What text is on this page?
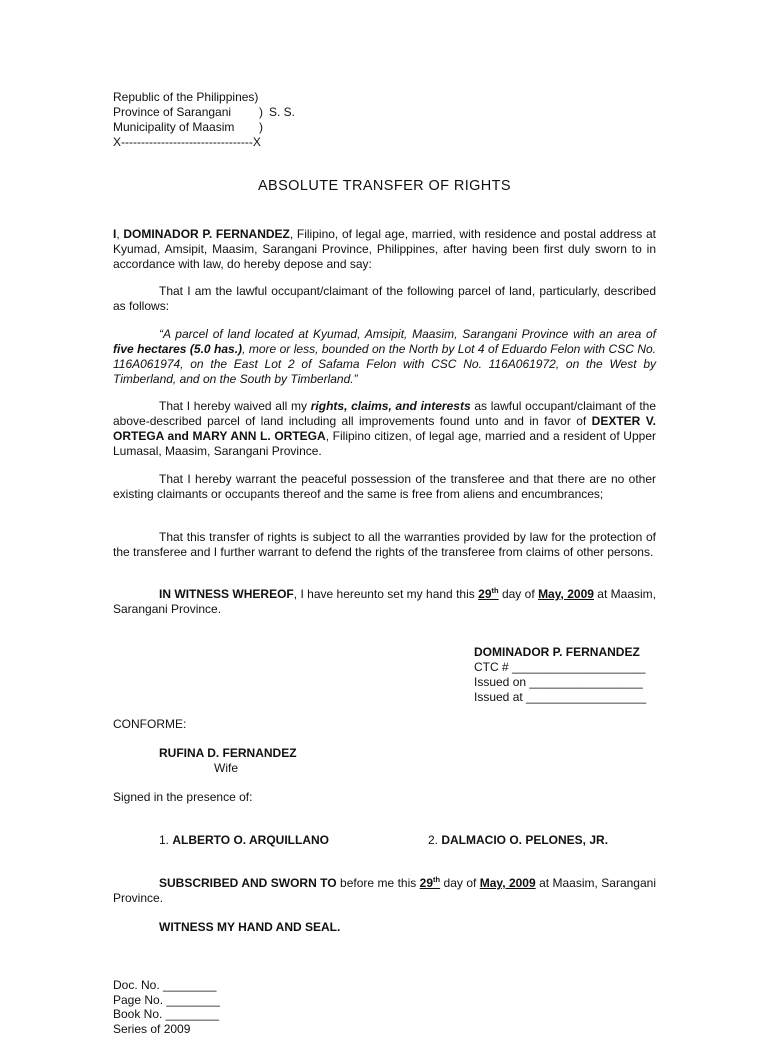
Republic of the Philippines)
Province of Sarangani	) S. S.
Municipality of Maasim	)
X---------------------------------X
ABSOLUTE TRANSFER OF RIGHTS
I, DOMINADOR P. FERNANDEZ, Filipino, of legal age, married, with residence and postal address at Kyumad, Amsipit, Maasim, Sarangani Province, Philippines, after having been first duly sworn to in accordance with law, do hereby depose and say:
That I am the lawful occupant/claimant of the following parcel of land, particularly, described as follows:
“A parcel of land located at Kyumad, Amsipit, Maasim, Sarangani Province with an area of five hectares (5.0 has.), more or less, bounded on the North by Lot 4 of Eduardo Felon with CSC No. 116A061974, on the East Lot 2 of Safama Felon with CSC No. 116A061972, on the West by Timberland, and on the South by Timberland.”
That I hereby waived all my rights, claims, and interests as lawful occupant/claimant of the above-described parcel of land including all improvements found unto and in favor of DEXTER V. ORTEGA and MARY ANN L. ORTEGA, Filipino citizen, of legal age, married and a resident of Upper Lumasal, Maasim, Sarangani Province.
That I hereby warrant the peaceful possession of the transferee and that there are no other existing claimants or occupants thereof and the same is free from aliens and encumbrances;
That this transfer of rights is subject to all the warranties provided by law for the protection of the transferee and I further warrant to defend the rights of the transferee from claims of other persons.
IN WITNESS WHEREOF, I have hereunto set my hand this 29th day of May, 2009 at Maasim, Sarangani Province.
DOMINADOR P. FERNANDEZ
CTC # ____________________
Issued on _________________
Issued at __________________
CONFORME:
RUFINA D. FERNANDEZ
Wife
Signed in the presence of:
1. ALBERTO O. ARQUILLANO	2. DALMACIO O. PELONES, JR.
SUBSCRIBED AND SWORN TO before me this 29th day of May, 2009 at Maasim, Sarangani Province.
WITNESS MY HAND AND SEAL.
Doc. No. ________
Page No. ________
Book No. ________
Series of 2009
